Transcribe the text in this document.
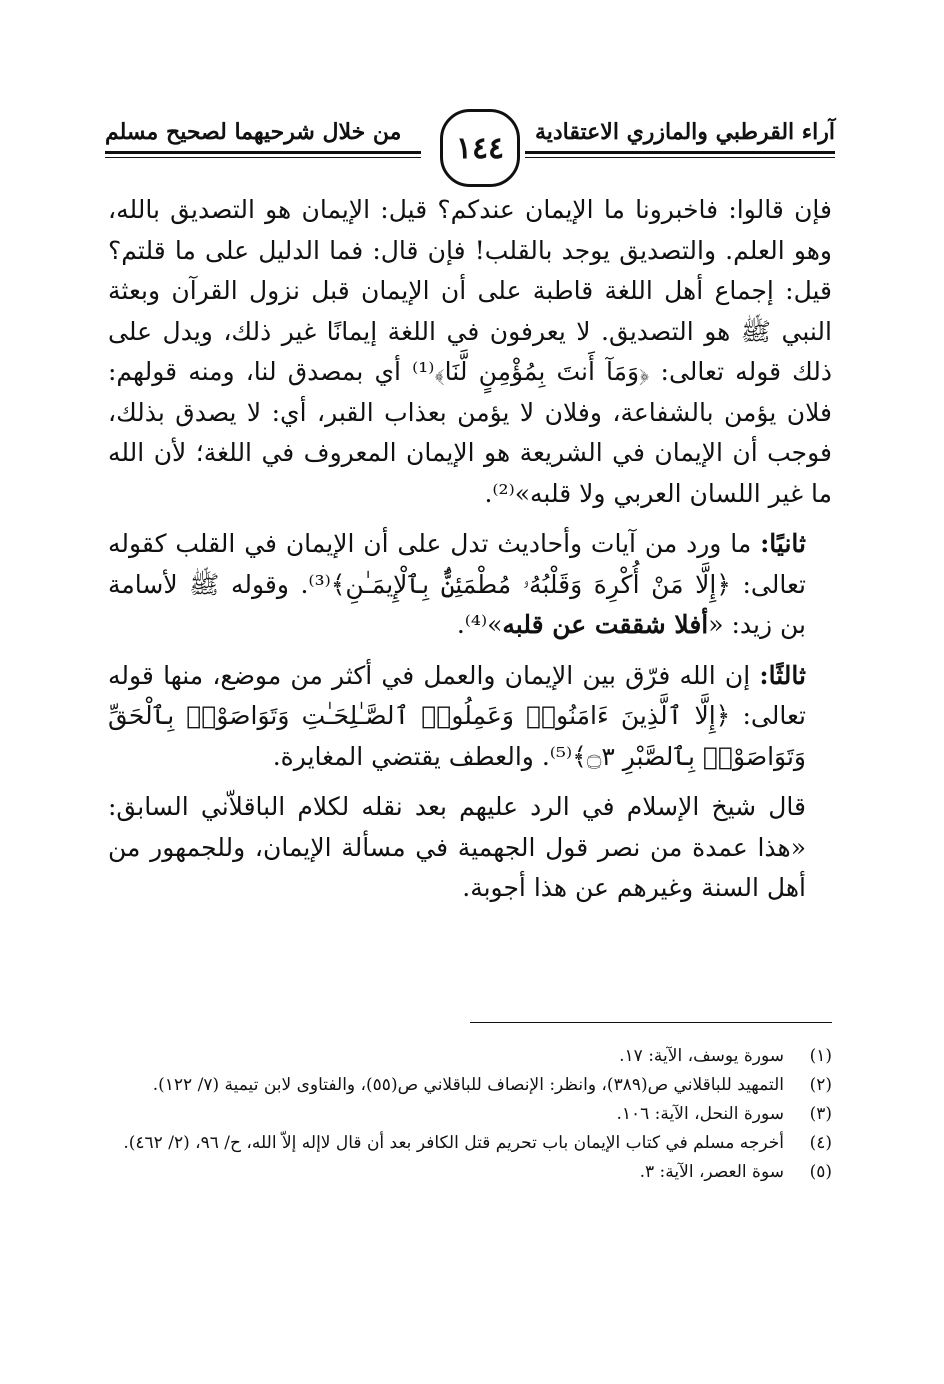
آراء القرطبي والمازري الاعتقادية
من خلال شرحيهما لصحيح مسلم	١٤٤

فإن قالوا: فاخبرونا ما الإيمان عندكم؟ قيل: الإيمان هو التصديق بالله، وهو العلم. والتصديق يوجد بالقلب! فإن قال: فما الدليل على ما قلتم؟ قيل: إجماع أهل اللغة قاطبة على أن الإيمان قبل نزول القرآن وبعثة النبي ﷺ هو التصديق. لا يعرفون في اللغة إيمانًا غير ذلك، ويدل على ذلك قوله تعالى: ﴿وَمَآ أَنتَ بِمُؤْمِنٍ لَّنَا﴾⁽¹⁾ أي بمصدق لنا، ومنه قولهم: فلان يؤمن بالشفاعة، وفلان لا يؤمن بعذاب القبر، أي: لا يصدق بذلك، فوجب أن الإيمان في الشريعة هو الإيمان المعروف في اللغة؛ لأن الله ما غير اللسان العربي ولا قلبه»⁽²⁾.

ثانيًا: ما ورد من آيات وأحاديث تدل على أن الإيمان في القلب كقوله تعالى: ﴿إِلَّا مَنْ أُكْرِهَ وَقَلْبُهُۥ مُطْمَئِنٌّۢ بِٱلْإِيمَـٰنِ﴾⁽³⁾. وقوله ﷺ لأسامة بن زيد: «أفلا شققت عن قلبه»⁽⁴⁾.

ثالثًا: إن الله فرّق بين الإيمان والعمل في أكثر من موضع، منها قوله تعالى: ﴿إِلَّا ٱلَّذِينَ ءَامَنُوا۟ وَعَمِلُوا۟ ٱلصَّـٰلِحَـٰتِ وَتَوَاصَوْا۟ بِٱلْحَقِّ وَتَوَاصَوْا۟ بِٱلصَّبْرِ ۝٣﴾⁽⁵⁾. والعطف يقتضي المغايرة.

قال شيخ الإسلام في الرد عليهم بعد نقله لكلام الباقلاّني السابق: «هذا عمدة من نصر قول الجهمية في مسألة الإيمان، وللجمهور من أهل السنة وغيرهم عن هذا أجوبة.

(١)
سورة يوسف، الآية: ١٧.
(٢)
التمهيد للباقلاني ص(٣٨٩)، وانظر: الإنصاف للباقلاني ص(٥٥)، والفتاوى لابن تيمية (٧/ ١٢٢).
(٣)
سورة النحل، الآية: ١٠٦.
(٤)
أخرجه مسلم في كتاب الإيمان باب تحريم قتل الكافر بعد أن قال لاإله إلاّ الله، ح/ ٩٦، (٢/ ٤٦٢).
(٥)
سوة العصر، الآية: ٣.
